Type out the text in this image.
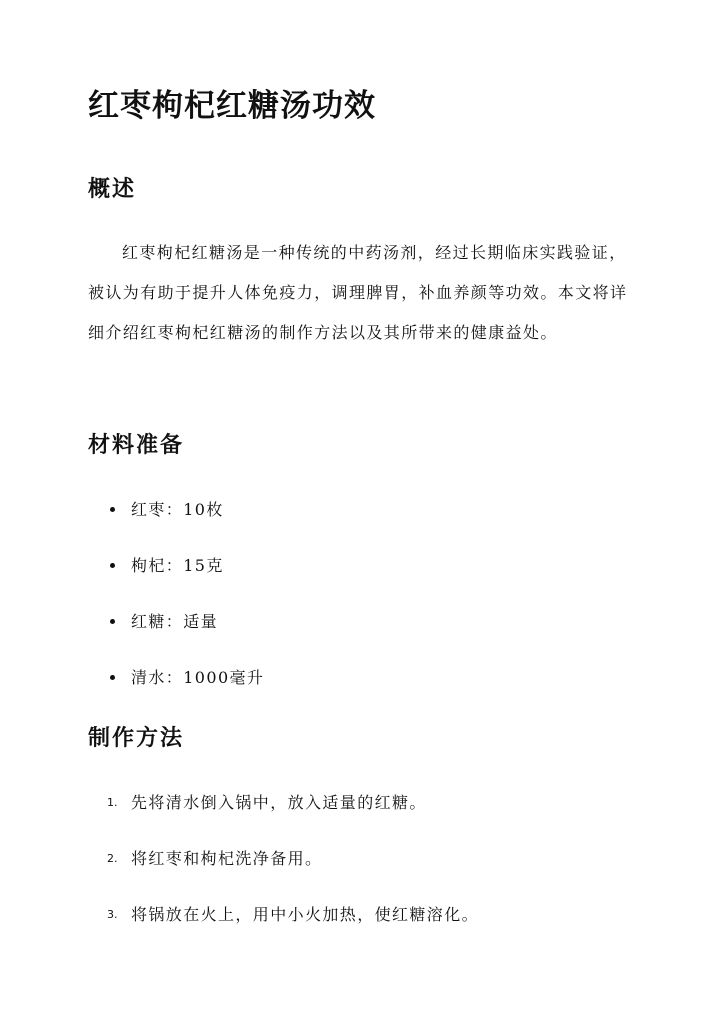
红枣枸杞红糖汤功效
概述

红枣枸杞红糖汤是一种传统的中药汤剂，经过长期临床实践验证，被认为有助于提升人体免疫力，调理脾胃，补血养颜等功效。本文将详细介绍红枣枸杞红糖汤的制作方法以及其所带来的健康益处。

材料准备
红枣：10枚
枸杞：15克
红糖：适量
清水：1000毫升
制作方法
1. 先将清水倒入锅中，放入适量的红糖。
2. 将红枣和枸杞洗净备用。
3. 将锅放在火上，用中小火加热，使红糖溶化。
